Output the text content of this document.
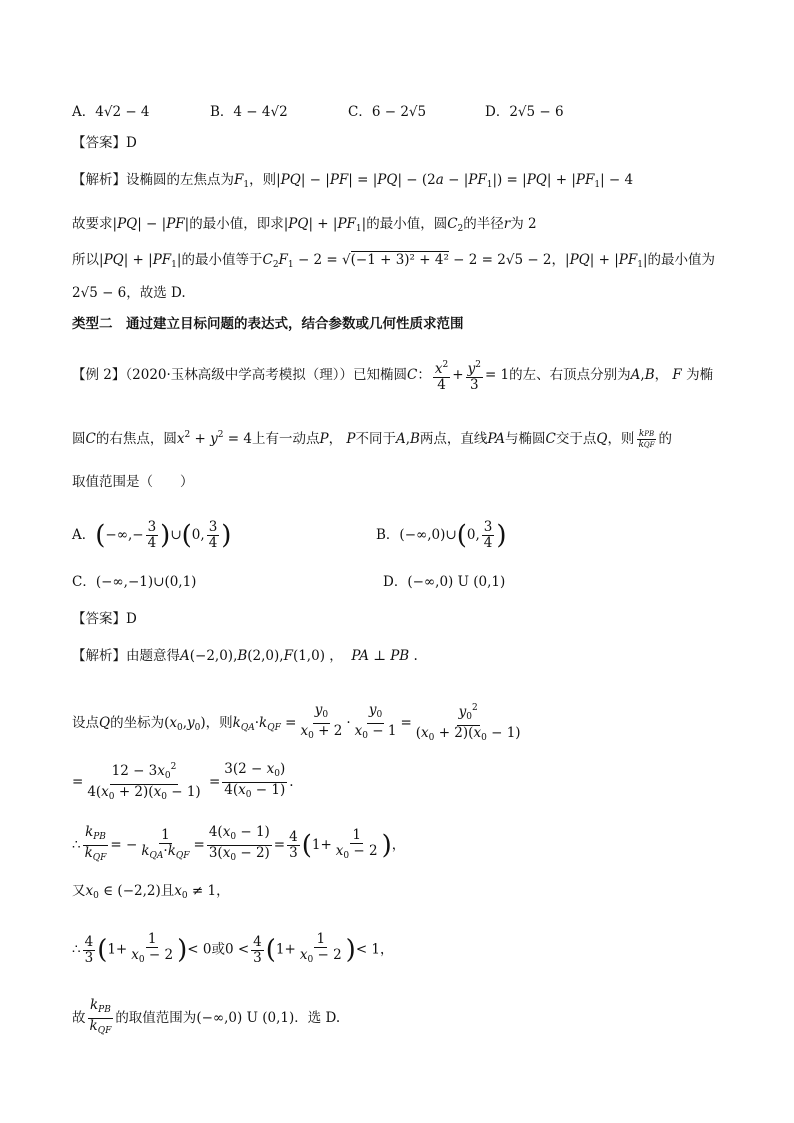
A．4√2 − 4	B．4 − 4√2	C．6 − 2√5	D．2√5 − 6
【答案】D
【解析】设椭圆的左焦点为$F_1$，则$|PQ| - |PF| = |PQ| - (2a - |PF_1|) = |PQ| + |PF_1| - 4$
故要求|PQ| − |PF|的最小值，即求$|PQ| + |PF_1|$的最小值，圆$C_2$的半径r为 2
所以$|PQ| + |PF_1|$的最小值等于$C_2F_1 - 2 = √(-1 + 3)^2 + 4^2 - 2 = 2√5 - 2$，$|PQ| + |PF_1|$的最小值为
2√5 − 6，故选 D.
类型二　通过建立目标问题的表达式，结合参数或几何性质求范围
【例 2】（2020·玉林高级中学高考模拟（理））已知椭圆C： $\frac{x^2}{4} + \frac{y^2}{3} = 1$的左、右顶点分别为A,B， F 为椭
圆C的右焦点，圆$x^2 + y^2 = 4$上有一动点P， P不同于A,B两点，直线PA与椭圆C交于点Q，则 $\frac{\text{kPB}}{\text{kQF}}$ 的
取值范围是（　　）
A．(−∞,− $\frac{3}{4}$ )∪(0, $\frac{3}{4}$ )	B．(−∞,0)∪(0, $\frac{3}{4}$ )
C．(−∞,−1)∪(0,1)	D．(−∞,0) U (0,1)
【答案】D
【解析】由题意得A(−2,0),B(2,0),F(1,0) ，  PA ⊥ PB .
设点Q的坐标为$(x_0,y_0)$，则$k_{QA}\cdot k_{QF} = \frac{y_0}{x_0 + 2} \cdot \frac{y_0}{x_0 - 1} = \frac{y_0^2}{(x_0 + 2)(x_0 - 1)}$
= $\frac{12 - 3x_0^2}{4(x_0 + 2)(x_0 - 1)} = \frac{3(2 - x_0)}{4(x_0 - 1)}$ .
∴ $\frac{k_{PB}}{k_{QF}}$ = − $\frac{1}{k_{QA}\cdot k_{QF}} = \frac{4(x_0 - 1)}{3(x_0 - 2)} = \frac{4}{3} (1+ \frac{1}{x_0 - 2}$ )，
又$x_0$ ∈ (−2,2)且$x_0 \ne 1$，
∴ $\frac{4}{3} (1+ \frac{1}{x_0 - 2}$ )< 0或$0 < \frac{4}{3} (1+ \frac{1}{x_0 - 2}$ )< 1，
故 $\frac{k_{PB}}{k_{QF}}$ 的取值范围为(−∞,0) U (0,1)．选 D.
